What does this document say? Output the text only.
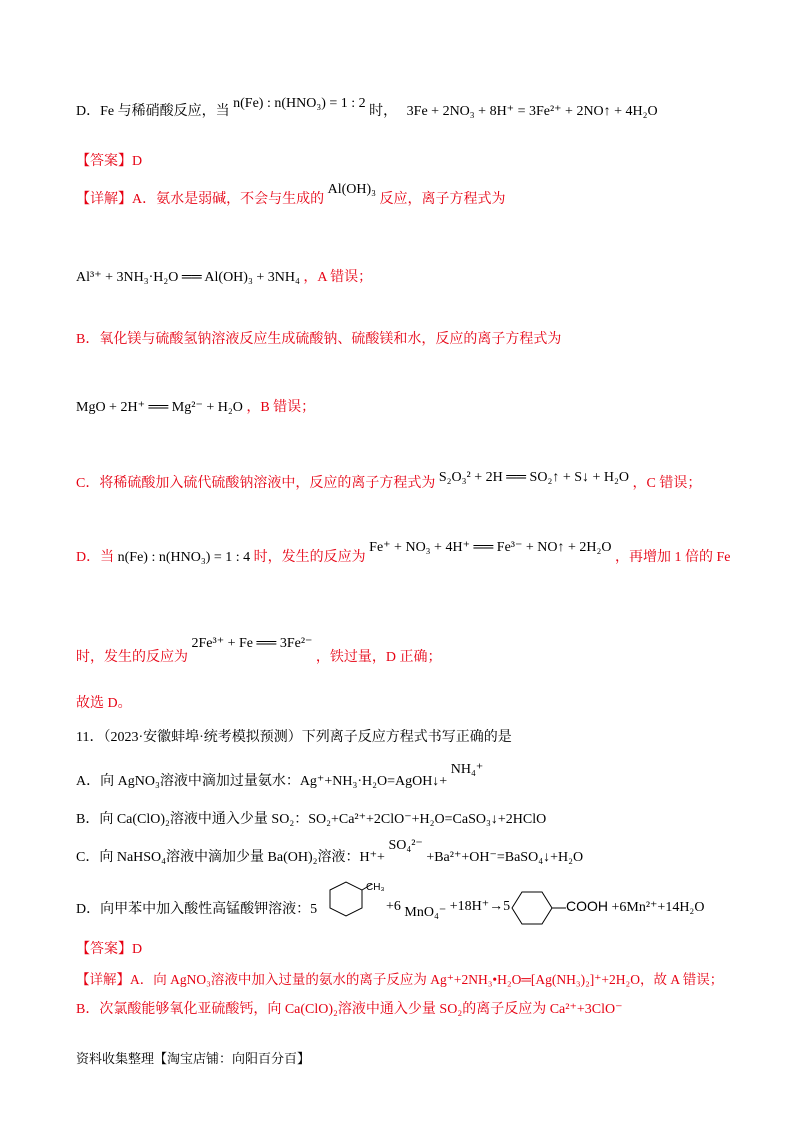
D．Fe 与稀硝酸反应，当 n(Fe) : n(HNO₃) = 1 : 2 时， 3Fe + 2NO₃ + 8H⁺ = 3Fe²⁺ + 2NO↑ + 4H₂O
【答案】D
【详解】A．氨水是弱碱，不会与生成的 Al(OH)₃ 反应，离子方程式为
Al³⁺ + 3NH₃·H₂O ══ Al(OH)₃ + 3NH₄ ，A 错误；
B．氧化镁与硫酸氢钠溶液反应生成硫酸钠、硫酸镁和水，反应的离子方程式为
MgO + 2H⁺ ══ Mg²⁻ + H₂O ，B 错误；
C．将稀硫酸加入硫代硫酸钠溶液中，反应的离子方程式为 S₂O₃² + 2H ══ SO₂↑ + S↓ + H₂O ，C 错误；
D．当 n(Fe) : n(HNO₃) = 1 : 4 时，发生的反应为 Fe⁺ + NO₃ + 4H⁺ ══ Fe³⁻ + NO↑ + 2H₂O ，再增加 1 倍的 Fe
时，发生的反应为 2Fe³⁺ + Fe ══ 3Fe²⁻ ，铁过量，D 正确；
故选 D。
11．（2023·安徽蚌埠·统考模拟预测）下列离子反应方程式书写正确的是
A．向 AgNO₃溶液中滴加过量氨水：Ag⁺+NH₃·H₂O=AgOH↓+ NH₄⁺
B．向 Ca(ClO)₂溶液中通入少量 SO₂：SO₂+Ca²⁺+2ClO⁻+H₂O=CaSO₃↓+2HClO
C．向 NaHSO₄溶液中滴加少量 Ba(OH)₂溶液：H⁺+ SO₄²⁻ +Ba²⁺+OH⁻=BaSO₄↓+H₂O
D．向甲苯中加入酸性高锰酸钾溶液：5
CH₃
+6 MnO₄⁻ +18H⁺→5	COOH +6Mn²⁺+14H₂O
【答案】D
【详解】A．向 AgNO₃溶液中加入过量的氨水的离子反应为 Ag⁺+2NH₃•H₂O═[Ag(NH₃)₂]⁺+2H₂O，故 A 错误；
B．次氯酸能够氧化亚硫酸钙，向 Ca(ClO)₂溶液中通入少量 SO₂的离子反应为 Ca²⁺+3ClO⁻
资料收集整理【淘宝店铺：向阳百分百】
